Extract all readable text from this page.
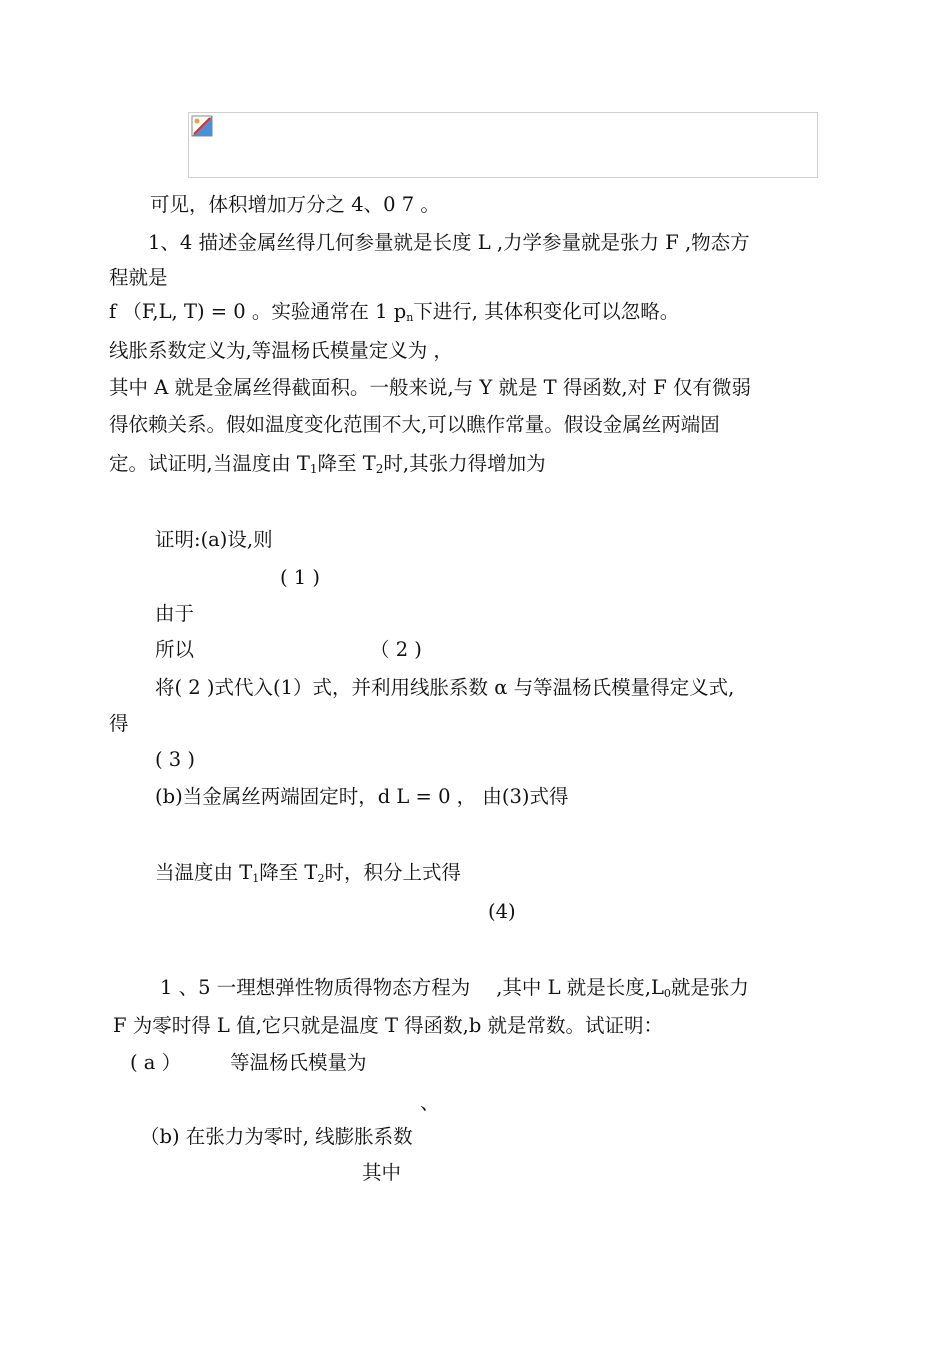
可见，体积增加万分之 4、0 7 。
1、4 描述金属丝得几何参量就是长度 L ,力学参量就是张力 F ,物态方
程就是
f （F,L, T) = 0 。实验通常在 1 $p_n$下进行, 其体积变化可以忽略。
线胀系数定义为,等温杨氏模量定义为 ，
其中 A 就是金属丝得截面积。一般来说,与 Y 就是 T 得函数,对 F 仅有微弱
得依赖关系。假如温度变化范围不大,可以瞧作常量。假设金属丝两端固
定。试证明,当温度由 $T_1$降至 $T_2$时,其张力得增加为
证明:(a)设,则
( 1 )
由于
所以	（ 2 )
将( 2 )式代入(1）式，并利用线胀系数 α 与等温杨氏模量得定义式,
得
( 3 )
(b)当金属丝两端固定时，d L = 0 ， 由(3)式得
当温度由 $T_1$降至 $T_2$时，积分上式得
(4)
1 、5 一理想弹性物质得物态方程为 ,其中 L 就是长度$,L_0$就是张力
F 为零时得 L 值,它只就是温度 T 得函数,b 就是常数。试证明：
( a ）	等温杨氏模量为
、
（b) 在张力为零时, 线膨胀系数
其中
